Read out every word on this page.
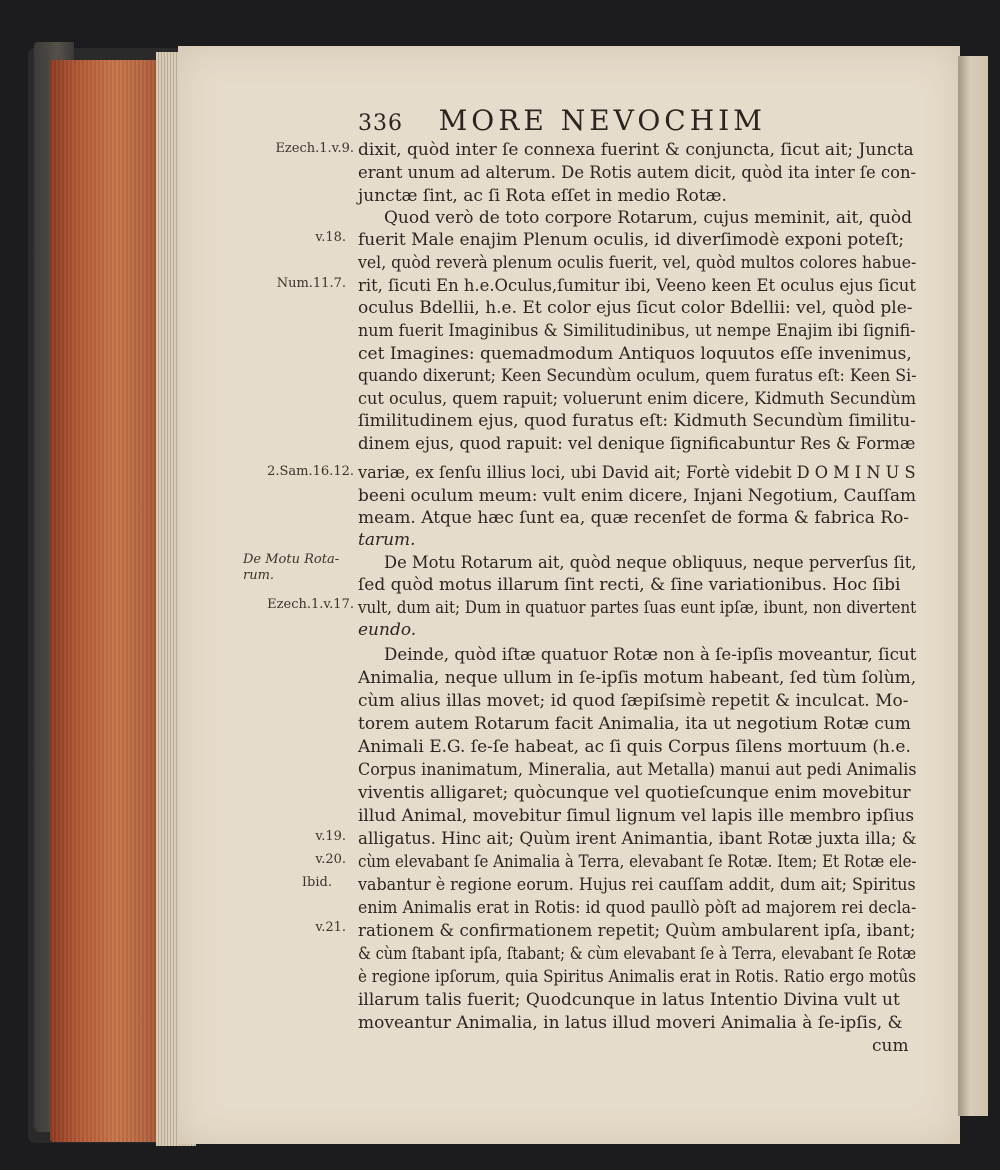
336 MORE NEVOCHIM
Ezech.1.v.9.
v.18.
Num.11.7.
2.Sam.16.12.
De Motu Rota-
rum.
Ezech.1.v.17.
v.19.
v.20.
Ibid.
v.21.
dixit, quòd inter ſe connexa fuerint & conjuncta, ſicut ait; Juncta
erant unum ad alterum. De Rotis autem dicit, quòd ita inter ſe con-
junctæ ſint, ac ſi Rota eſſet in medio Rotæ.
Quod verò de toto corpore Rotarum, cujus meminit, ait, quòd
fuerit Male enajim Plenum oculis, id diverſimodè exponi poteſt;
vel, quòd reverà plenum oculis fuerit, vel, quòd multos colores habue-
rit, ſicuti En h.e.Oculus,ſumitur ibi, Veeno keen Et oculus ejus ſicut
oculus Bdellii, h.e. Et color ejus ſicut color Bdellii: vel, quòd ple-
num fuerit Imaginibus & Similitudinibus, ut nempe Enajim ibi ſignifi-
cet Imagines: quemadmodum Antiquos loquutos eſſe invenimus,
quando dixerunt; Keen Secundùm oculum, quem furatus eſt: Keen Si-
cut oculus, quem rapuit; voluerunt enim dicere, Kidmuth Secundùm
ſimilitudinem ejus, quod furatus eſt: Kidmuth Secundùm ſimilitu-
dinem ejus, quod rapuit: vel denique ſignificabuntur Res & Formæ
variæ, ex ſenſu illius loci, ubi David ait; Fortè videbit D O M I N U S
beeni oculum meum: vult enim dicere, Injani Negotium, Cauſſam
meam. Atque hæc ſunt ea, quæ recenſet de forma & fabrica Ro-
tarum.
De Motu Rotarum ait, quòd neque obliquus, neque perverſus ſit,
ſed quòd motus illarum ſint recti, & ſine variationibus. Hoc ſibi
vult, dum ait; Dum in quatuor partes ſuas eunt ipſæ, ibunt, non divertent
eundo.
Deinde, quòd iſtæ quatuor Rotæ non à ſe-ipſis moveantur, ſicut
Animalia, neque ullum in ſe-ipſis motum habeant, ſed tùm ſolùm,
cùm alius illas movet; id quod ſæpiſsimè repetit & inculcat. Mo-
torem autem Rotarum facit Animalia, ita ut negotium Rotæ cum
Animali E.G. ſe-ſe habeat, ac ſi quis Corpus ſilens mortuum (h.e.
Corpus inanimatum, Mineralia, aut Metalla) manui aut pedi Animalis
viventis alligaret; quòcunque vel quotieſcunque enim movebitur
illud Animal, movebitur ſimul lignum vel lapis ille membro ipſius
alligatus. Hinc ait; Quùm irent Animantia, ibant Rotæ juxta illa; &
cùm elevabant ſe Animalia à Terra, elevabant ſe Rotæ. Item; Et Rotæ ele-
vabantur è regione eorum. Hujus rei cauſſam addit, dum ait; Spiritus
enim Animalis erat in Rotis: id quod paullò pòſt ad majorem rei decla-
rationem & confirmationem repetit; Quùm ambularent ipſa, ibant;
& cùm ſtabant ipſa, ſtabant; & cùm elevabant ſe à Terra, elevabant ſe Rotæ
è regione ipſorum, quia Spiritus Animalis erat in Rotis. Ratio ergo motûs
illarum talis fuerit; Quodcunque in latus Intentio Divina vult ut
moveantur Animalia, in latus illud moveri Animalia à ſe-ipſis, &
cum
